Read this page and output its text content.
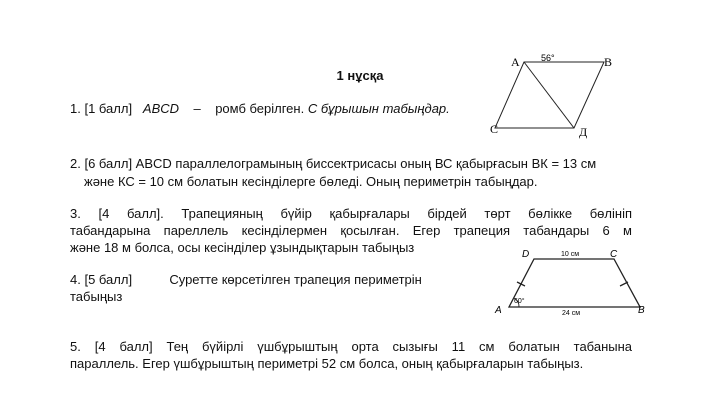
1 нұсқа
1. [1 балл] ABCD – ромб берілген. С бұрышын табыңдар.
А	В
С	Д
56°
2. [6 балл] ABCD параллелограмының биссектрисасы оның ВС қабырғасын ВК = 13 см
және КС = 10 см болатын кесінділерге бөледі. Оның периметрін табыңдар.
3. [4 балл]. Трапецияның бүйір қабырғалары бірдей төрт бөлікке бөлініп
табандарына пареллель кесінділермен қосылған. Егер трапеция табандары 6 м
және 18 м болса, осы кесінділер ұзындықтарын табыңыз
4. [5 балл]	Суретте көрсетілген трапеция периметрін
табыңыз
D	C
A	B
10 см
24 см
60°
5. [4 балл] Тең бүйірлі үшбұрыштың орта сызығы 11 см болатын табанына
параллель. Егер үшбұрыштың периметрі 52 см болса, оның қабырғаларын табыңыз.
